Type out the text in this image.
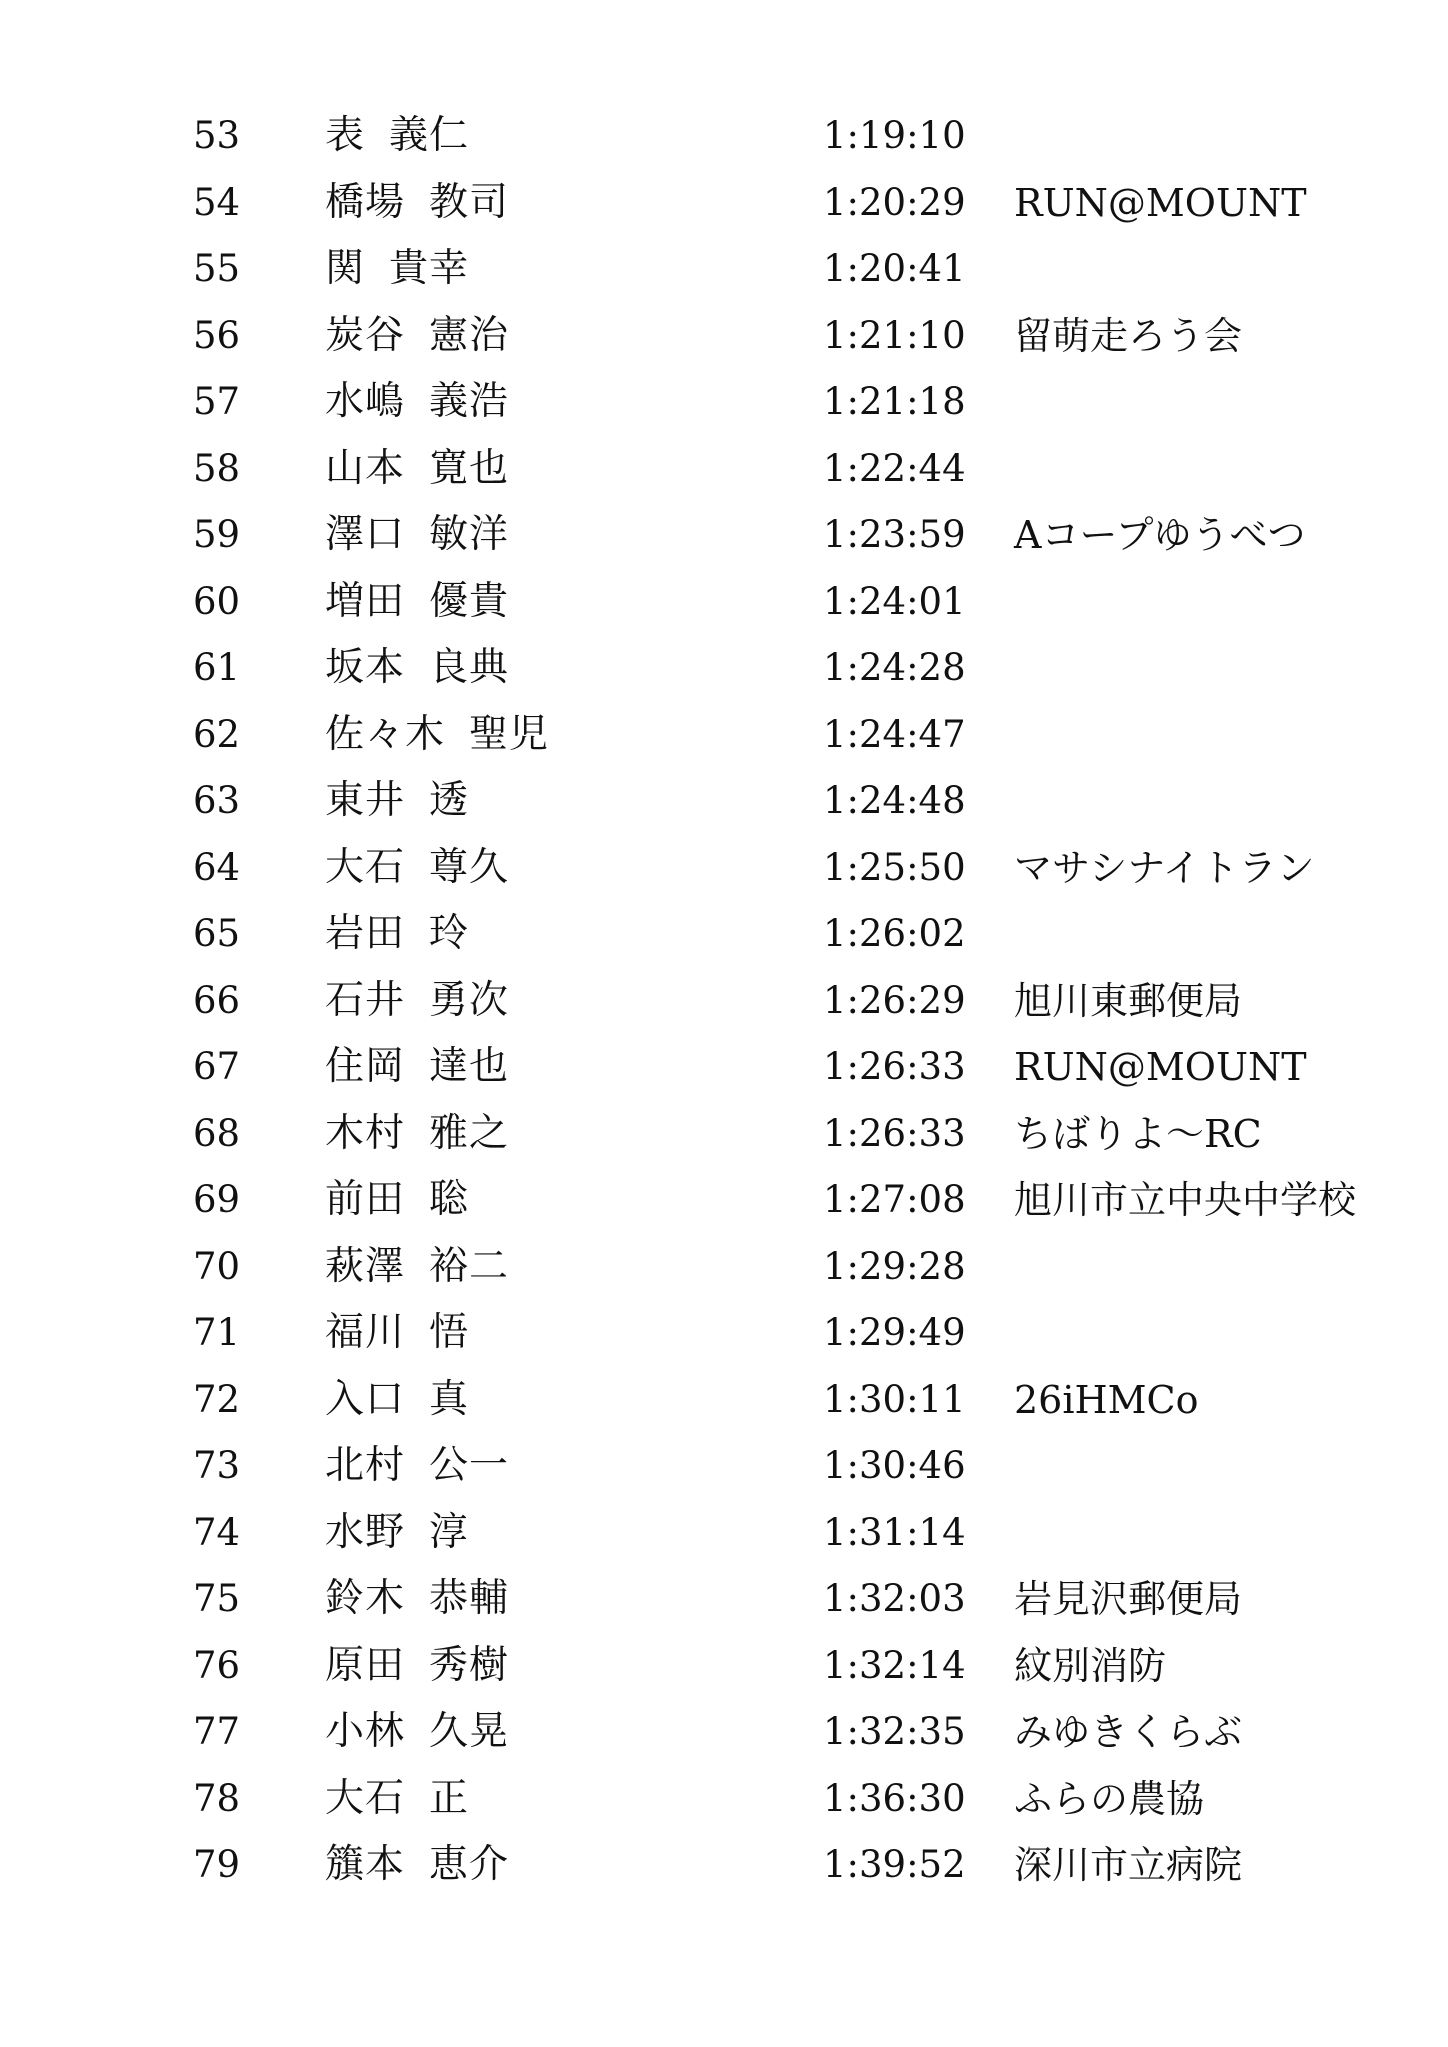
53 表 義仁	1:19:10
54 橋場 教司	1:20:29 RUN@MOUNT
55 関 貴幸	1:20:41
56 炭谷 憲治	1:21:10 留萌走ろう会
57 水嶋 義浩	1:21:18
58 山本 寛也	1:22:44
59 澤口 敏洋	1:23:59 Aコープゆうべつ
60 増田 優貴	1:24:01
61 坂本 良典	1:24:28
62 佐々木 聖児	1:24:47
63 東井 透	1:24:48
64 大石 尊久	1:25:50 マサシナイトラン
65 岩田 玲	1:26:02
66 石井 勇次	1:26:29 旭川東郵便局
67 住岡 達也	1:26:33 RUN@MOUNT
68 木村 雅之	1:26:33 ちばりよ〜RC
69 前田 聡	1:27:08 旭川市立中央中学校
70 萩澤 裕二	1:29:28
71 福川 悟	1:29:49
72 入口 真	1:30:11 26iHMCo
73 北村 公一	1:30:46
74 水野 淳	1:31:14
75 鈴木 恭輔	1:32:03 岩見沢郵便局
76 原田 秀樹	1:32:14 紋別消防
77 小林 久晃	1:32:35 みゆきくらぶ
78 大石 正	1:36:30 ふらの農協
79 籏本 恵介	1:39:52 深川市立病院
